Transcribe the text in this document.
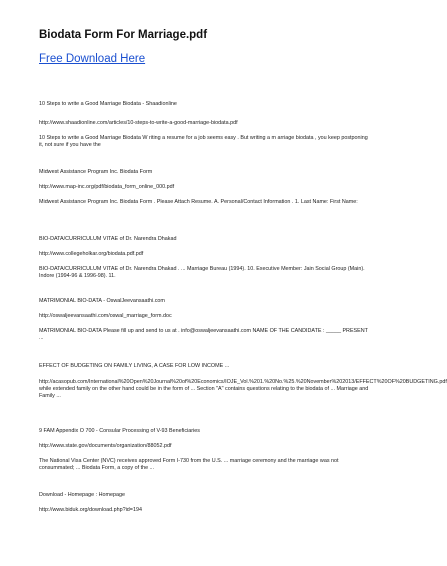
Biodata Form For Marriage.pdf
Free Download Here

10 Steps to write a Good Marriage Biodata - Shaadionline

http://www.shaadionline.com/articles/10-steps-to-write-a-good-marriage-biodata.pdf

10 Steps to write a Good Marriage Biodata W riting a resume for a job seems easy . But writing a m arriage biodata , you keep postponing it, not sure if you have the

Midwest Assistance Program Inc. Biodata Form

http://www.map-inc.org/pdf/biodata_form_online_000.pdf

Midwest Assistance Program Inc. Biodata Form . Please Attach Resume. A. Personal/Contact Information . 1. Last Name: First Name:

BIO-DATA/CURRICULUM VITAE of Dr. Narendra Dhakad

http://www.collegeholkar.org/biodata.pdf.pdf

BIO-DATA/CURRICULUM VITAE of Dr. Narendra Dhakad . ... Marriage Bureau (1994). 10. Executive Member: Jain Social Group (Main). Indore (1994-96 & 1996-98). 11.

MATRIMONIAL BIO-DATA - OswalJeevansaathi.com

http://oswaljeevansaathi.com/oswal_marriage_form.doc

MATRIMONIAL BIO-DATA Please fill up and send to us at . info@oswaljeevansaathi.com NAME OF THE CANDIDATE : _____ PRESENT ...

EFFECT OF BUDGETING ON FAMILY LIVING, A CASE FOR LOW INCOME ...

http://acasopub.com/International%20Open%20Journal%20of%20Economics/IOJE_Vol.%201.%20No.%25.%20November%202013/EFFECT%20OF%20BUDGETING.pdf

while extended family on the other hand could be in the form of ... Section "A" contains questions relating to the biodata of ... Marriage and Family ...

9 FAM Appendix O 700 - Consular Processing of V-93 Beneficiaries

http://www.state.gov/documents/organization/88052.pdf

The National Visa Center (NVC) receives approved Form I-730 from the U.S. ... marriage ceremony and the marriage was not consummated; ... Biodata Form, a copy of the ...

Download - Homepage : Homepage

http://www.biduk.org/download.php?id=194
